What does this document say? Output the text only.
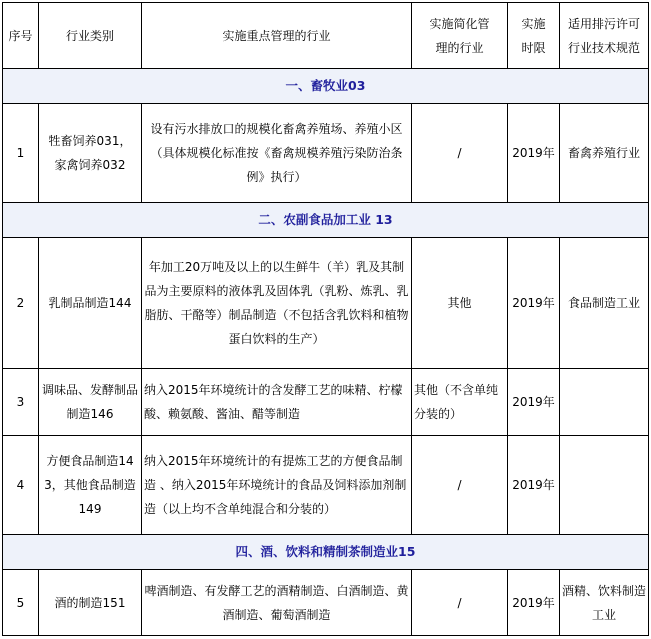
序号	行业类别	实施重点管理的行业	实施简化管理的行业	实施时限	适用排污许可行业技术规范
一、畜牧业03					
1	牲畜饲养031，家禽饲养032	设有污水排放口的规模化畜禽养殖场、养殖小区（具体规模化标准按《畜禽规模养殖污染防治条例》执行）	/	2019年	畜禽养殖行业
二、农副食品加工业 13					
2	乳制品制造144	年加工20万吨及以上的以生鲜牛（羊）乳及其制品为主要原料的液体乳及固体乳（乳粉、炼乳、乳脂肪、干酪等）制品制造（不包括含乳饮料和植物蛋白饮料的生产）	其他	2019年	食品制造工业
3	调味品、发酵制品制造146	纳入2015年环境统计的含发酵工艺的味精、柠檬酸、赖氨酸、酱油、醋等制造	其他（不含单纯分装的）	2019年	
4	方便食品制造143，其他食品制造149	纳入2015年环境统计的有提炼工艺的方便食品制造 、纳入2015年环境统计的食品及饲料添加剂制造（以上均不含单纯混合和分装的）	/	2019年	
四、酒、饮料和精制茶制造业15					
5	酒的制造151	啤酒制造、有发酵工艺的酒精制造、白酒制造、黄酒制造、葡萄酒制造	/	2019年	酒精、饮料制造工业
